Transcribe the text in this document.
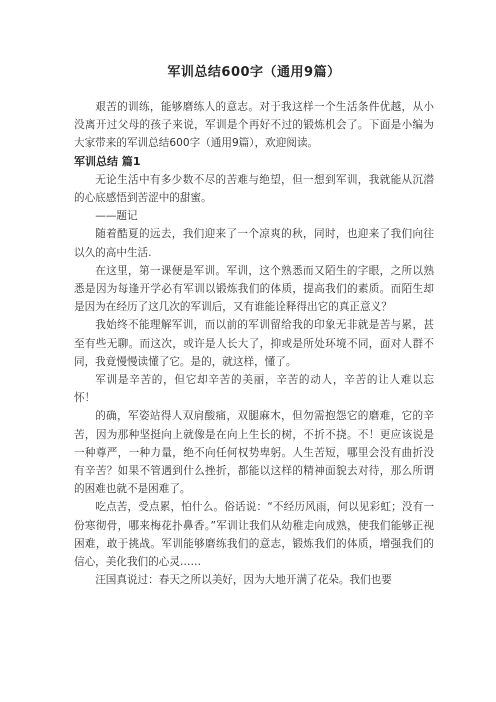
军训总结600字（通用9篇）

艰苦的训练，能够磨练人的意志。对于我这样一个生活条件优越，从小没离开过父母的孩子来说，军训是个再好不过的锻炼机会了。下面是小编为大家带来的军训总结600字（通用9篇），欢迎阅读。

军训总结 篇1

无论生活中有多少数不尽的苦难与绝望，但一想到军训，我就能从沉潜的心底感悟到苦涩中的甜蜜。

——题记

随着酷夏的远去，我们迎来了一个凉爽的秋，同时，也迎来了我们向往以久的高中生活.

在这里，第一课便是军训。军训，这个熟悉而又陌生的字眼，之所以熟悉是因为每逢开学必有军训以锻炼我们的体质，提高我们的素质。而陌生却是因为在经历了这几次的军训后，又有谁能诠释得出它的真正意义？

我始终不能理解军训，而以前的军训留给我的印象无非就是苦与累，甚至有些无聊。而这次，或许是人长大了，抑或是所处环境不同，面对人群不同，我竟慢慢读懂了它。是的，就这样，懂了。

军训是辛苦的，但它却辛苦的美丽，辛苦的动人，辛苦的让人难以忘怀！

的确，军姿站得人双肩酸痛，双腿麻木，但勿需抱怨它的磨难，它的辛苦，因为那种坚挺向上就像是在向上生长的树，不折不挠。不！更应该说是一种尊严，一种力量，绝不向任何权势卑躬。人生苦短，哪里会没有曲折没有辛苦？如果不管遇到什么挫折，都能以这样的精神面貌去对待，那么所谓的困难也就不是困难了。

吃点苦，受点累，怕什么。俗话说：“不经历风雨，何以见彩虹；没有一份寒彻骨，哪来梅花扑鼻香。”军训让我们从幼稚走向成熟，使我们能够正视困难，敢于挑战。军训能够磨练我们的意志，锻炼我们的体质，增强我们的信心，美化我们的心灵……

汪国真说过：春天之所以美好，因为大地开满了花朵。我们也要
